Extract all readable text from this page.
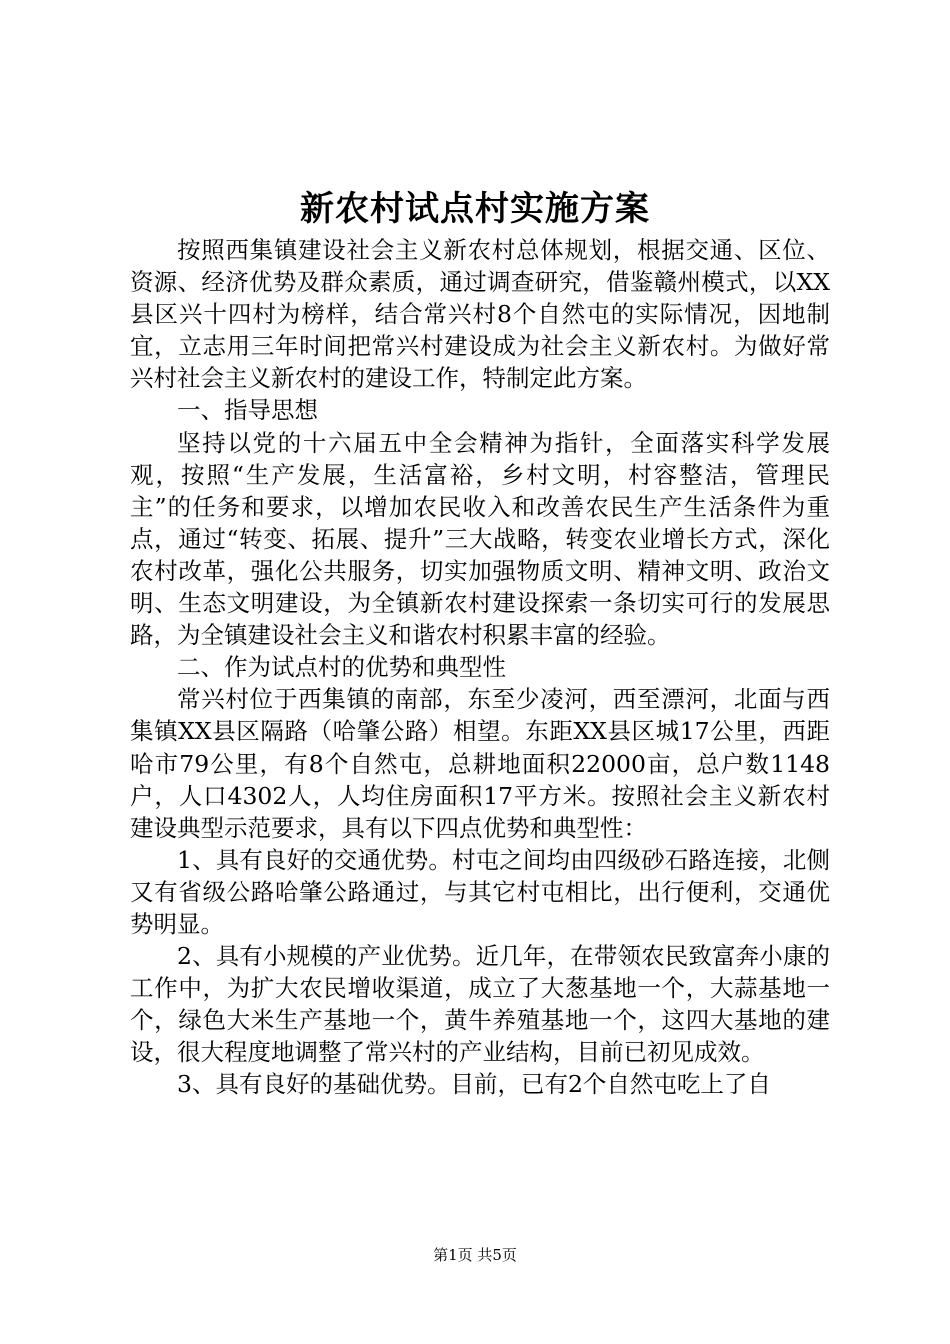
新农村试点村实施方案

按照西集镇建设社会主义新农村总体规划，根据交通、区位、资源、经济优势及群众素质，通过调查研究，借鉴赣州模式，以XX县区兴十四村为榜样，结合常兴村8个自然屯的实际情况，因地制宜，立志用三年时间把常兴村建设成为社会主义新农村。为做好常兴村社会主义新农村的建设工作，特制定此方案。

一、指导思想

坚持以党的十六届五中全会精神为指针，全面落实科学发展观，按照“生产发展，生活富裕，乡村文明，村容整洁，管理民主”的任务和要求，以增加农民收入和改善农民生产生活条件为重点，通过“转变、拓展、提升”三大战略，转变农业增长方式，深化农村改革，强化公共服务，切实加强物质文明、精神文明、政治文明、生态文明建设，为全镇新农村建设探索一条切实可行的发展思路，为全镇建设社会主义和谐农村积累丰富的经验。

二、作为试点村的优势和典型性

常兴村位于西集镇的南部，东至少凌河，西至漂河，北面与西集镇XX县区隔路（哈肇公路）相望。东距XX县区城17公里，西距哈市79公里，有8个自然屯，总耕地面积22000亩，总户数1148户，人口4302人，人均住房面积17平方米。按照社会主义新农村建设典型示范要求，具有以下四点优势和典型性：

1、具有良好的交通优势。村屯之间均由四级砂石路连接，北侧又有省级公路哈肇公路通过，与其它村屯相比，出行便利，交通优势明显。

2、具有小规模的产业优势。近几年，在带领农民致富奔小康的工作中，为扩大农民增收渠道，成立了大葱基地一个，大蒜基地一个，绿色大米生产基地一个，黄牛养殖基地一个，这四大基地的建设，很大程度地调整了常兴村的产业结构，目前已初见成效。

3、具有良好的基础优势。目前，已有2个自然屯吃上了自

第1页 共5页
